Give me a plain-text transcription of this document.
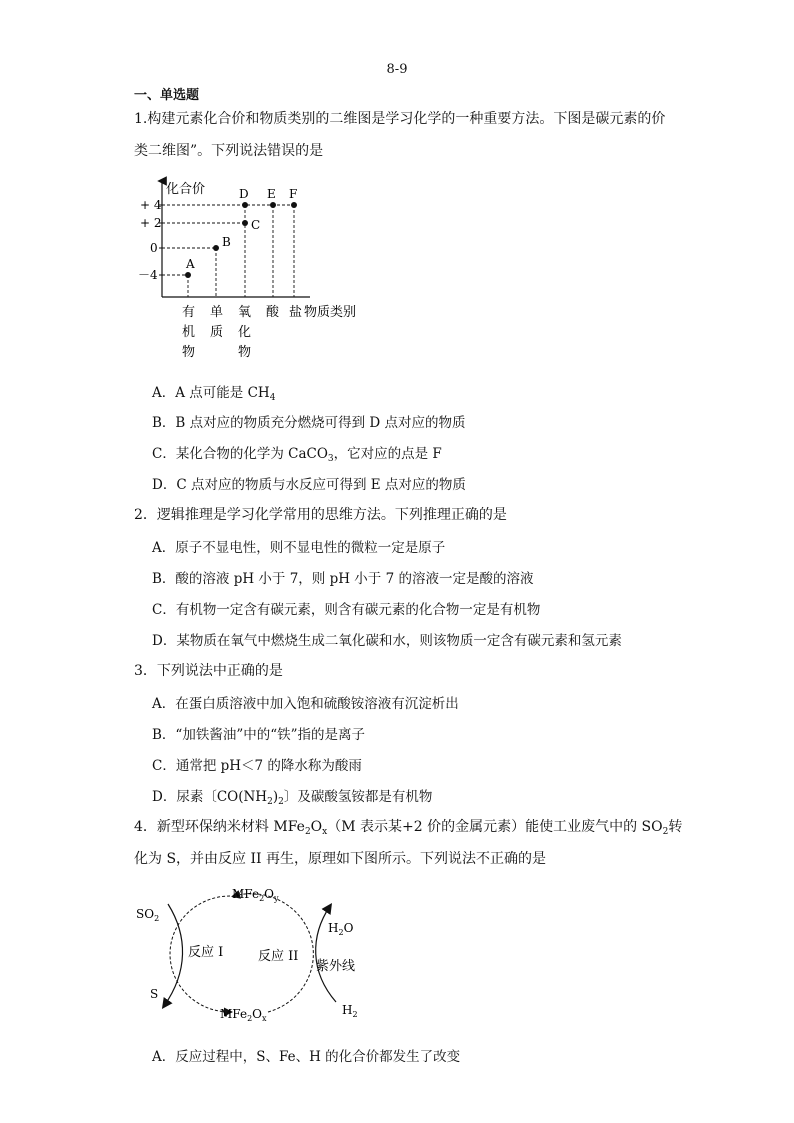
8-9
一、单选题
1.构建元素化合价和物质类别的二维图是学习化学的一种重要方法。下图是碳元素的价
类二维图”。下列说法错误的是
化合价
+ 4
+ 2
0
－4
A
B
C
D E F
有
机
物
单
质
氧
化
物
酸 盐 物质类别
A．A 点可能是 $CH_4$
B．B 点对应的物质充分燃烧可得到 D 点对应的物质
C．某化合物的化学为 CaCO$_3$，它对应的点是 F
D．C 点对应的物质与水反应可得到 E 点对应的物质
2．逻辑推理是学习化学常用的思维方法。下列推理正确的是
A．原子不显电性，则不显电性的微粒一定是原子
B．酸的溶液 pH 小于 7，则 pH 小于 7 的溶液一定是酸的溶液
C．有机物一定含有碳元素，则含有碳元素的化合物一定是有机物
D．某物质在氧气中燃烧生成二氧化碳和水，则该物质一定含有碳元素和氢元素
3．下列说法中正确的是
A．在蛋白质溶液中加入饱和硫酸铵溶液有沉淀析出
B．“加铁酱油”中的“铁”指的是离子
C．通常把 pH＜7 的降水称为酸雨
D．尿素〔$CO(NH_2)_2$〕及碳酸氢铵都是有机物
4．新型环保纳米材料 $MFe_2O_x(M$ 表示某+2 价的金属元素）能使工业废气中的 $SO_2$转
化为 S，并由反应 II 再生，原理如下图所示。下列说法不正确的是
$MFe_2O_y$
$MFe_2O_x$
$SO_2$
S
反应 I	反应 II
$H_2O$
紫外线
$H_2$
A．反应过程中，S、Fe、H 的化合价都发生了改变
